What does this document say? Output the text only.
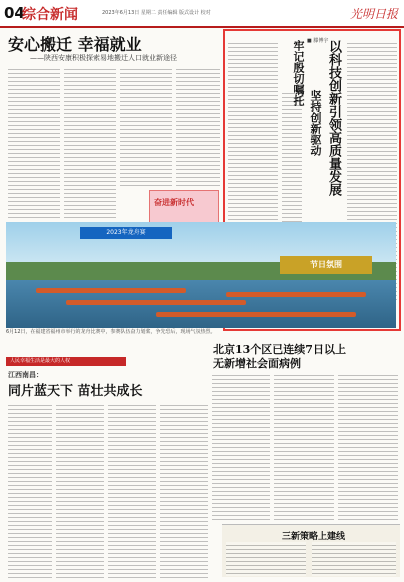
04
综合新闻	2023年6月13日 星期二 责任编辑 版式设计 校对	光明日报
安心搬迁 幸福就业
——陕西安康积极探索易地搬迁人口就业新途径
奋进新时代
以科技创新引领高质量发展
坚持创新驱动
牢记殷切嘱托 ■ 滕博宇
2023年龙舟赛
节日氛围
6月12日，在福建省福州市举行的龙舟比赛中，参赛队伍奋力划桨，争先恐后，现场气氛热烈。
北京13个区已连续7日以上
无新增社会面病例
人民幸福生活是最大的人权
江西南昌：
同片蓝天下 苗壮共成长
三新策略上建线
